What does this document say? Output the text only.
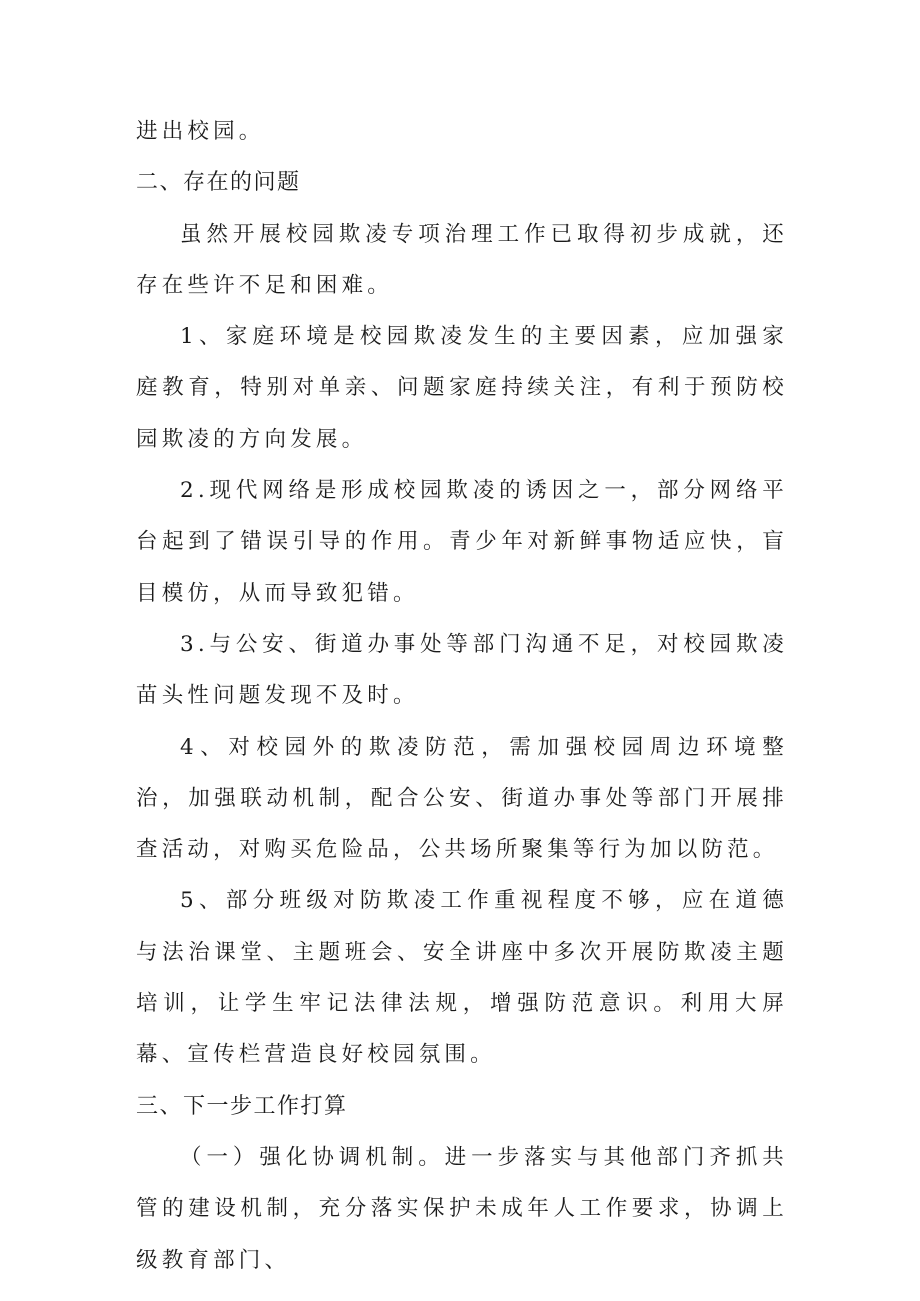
进出校园。

二、存在的问题

虽然开展校园欺凌专项治理工作已取得初步成就，还存在些许不足和困难。

1、家庭环境是校园欺凌发生的主要因素，应加强家庭教育，特别对单亲、问题家庭持续关注，有利于预防校园欺凌的方向发展。

2.现代网络是形成校园欺凌的诱因之一，部分网络平台起到了错误引导的作用。青少年对新鲜事物适应快，盲目模仿，从而导致犯错。

3.与公安、街道办事处等部门沟通不足，对校园欺凌苗头性问题发现不及时。

4、对校园外的欺凌防范，需加强校园周边环境整治，加强联动机制，配合公安、街道办事处等部门开展排查活动，对购买危险品，公共场所聚集等行为加以防范。

5、部分班级对防欺凌工作重视程度不够，应在道德与法治课堂、主题班会、安全讲座中多次开展防欺凌主题培训，让学生牢记法律法规，增强防范意识。利用大屏幕、宣传栏营造良好校园氛围。

三、下一步工作打算

（一）强化协调机制。进一步落实与其他部门齐抓共管的建设机制，充分落实保护未成年人工作要求，协调上级教育部门、
